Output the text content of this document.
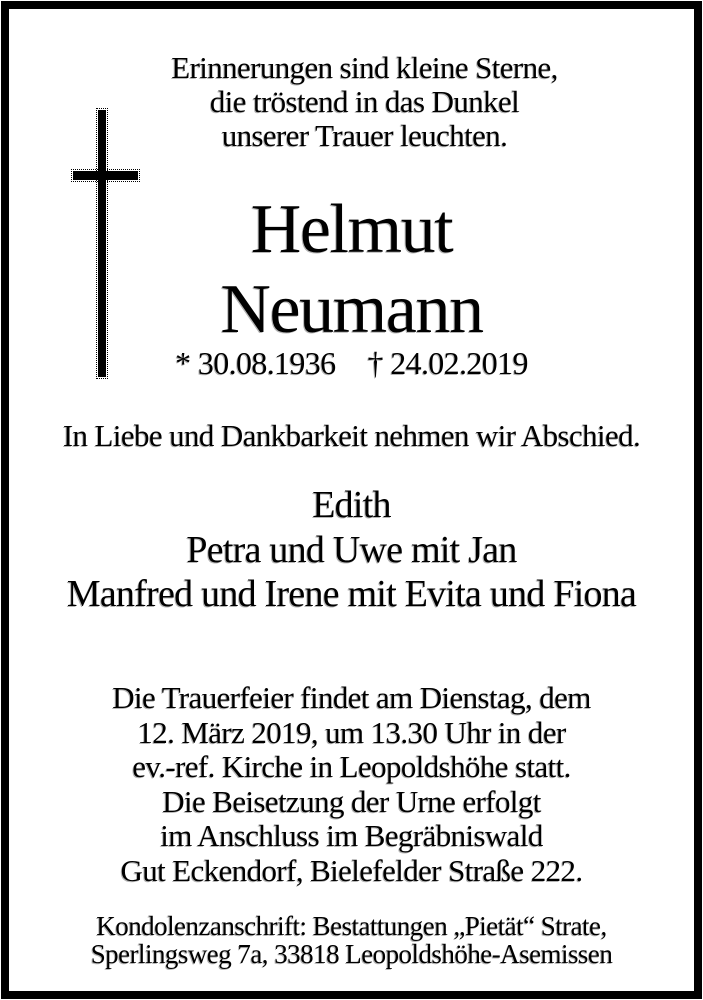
Erinnerungen sind kleine Sterne,
die tröstend in das Dunkel
unserer Trauer leuchten.
Helmut
Neumann
* 30.08.1936 † 24.02.2019
In Liebe und Dankbarkeit nehmen wir Abschied.
Edith
Petra und Uwe mit Jan
Manfred und Irene mit Evita und Fiona
Die Trauerfeier findet am Dienstag, dem
12. März 2019, um 13.30 Uhr in der
ev.-ref. Kirche in Leopoldshöhe statt.
Die Beisetzung der Urne erfolgt
im Anschluss im Begräbniswald
Gut Eckendorf, Bielefelder Straße 222.
Kondolenzanschrift: Bestattungen „Pietät“ Strate,
Sperlingsweg 7a, 33818 Leopoldshöhe-Asemissen
